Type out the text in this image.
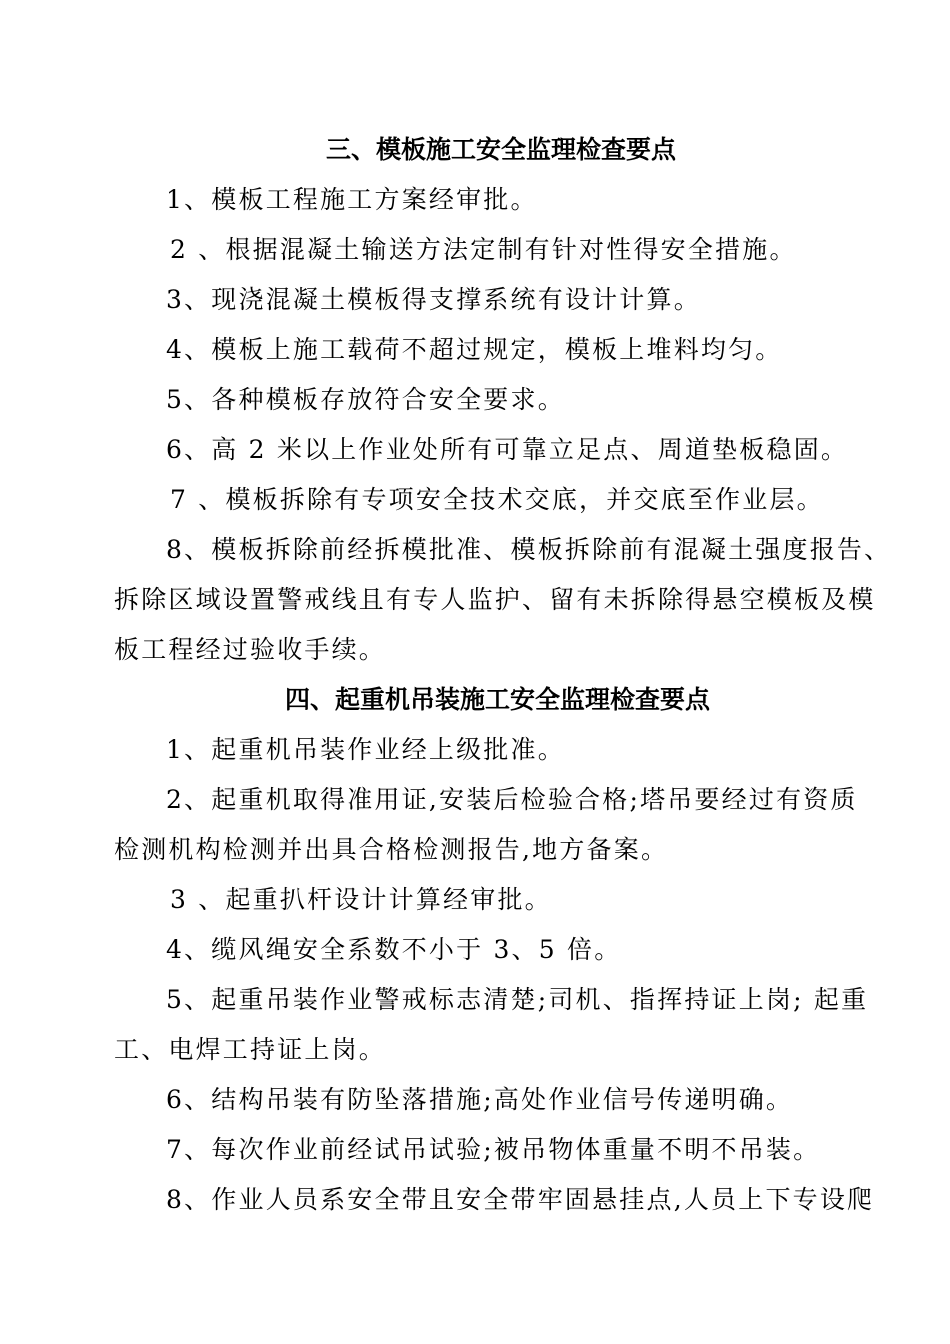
三、模板施工安全监理检查要点
1、模板工程施工方案经审批。
2 、根据混凝土输送方法定制有针对性得安全措施。
3、现浇混凝土模板得支撑系统有设计计算。
4、模板上施工载荷不超过规定，模板上堆料均匀。
5、各种模板存放符合安全要求。
6、高 2 米以上作业处所有可靠立足点、周道垫板稳固。
7 、模板拆除有专项安全技术交底，并交底至作业层。
8、模板拆除前经拆模批准、模板拆除前有混凝土强度报告、
拆除区域设置警戒线且有专人监护、留有未拆除得悬空模板及模
板工程经过验收手续。
四、起重机吊装施工安全监理检查要点
1、起重机吊装作业经上级批准。
2、起重机取得准用证,安装后检验合格;塔吊要经过有资质
检测机构检测并出具合格检测报告,地方备案。
3 、起重扒杆设计计算经审批。
4、缆风绳安全系数不小于 3、5 倍。
5、起重吊装作业警戒标志清楚;司机、指挥持证上岗; 起重
工、电焊工持证上岗。
6、结构吊装有防坠落措施;高处作业信号传递明确。
7、每次作业前经试吊试验;被吊物体重量不明不吊装。
8、作业人员系安全带且安全带牢固悬挂点,人员上下专设爬
